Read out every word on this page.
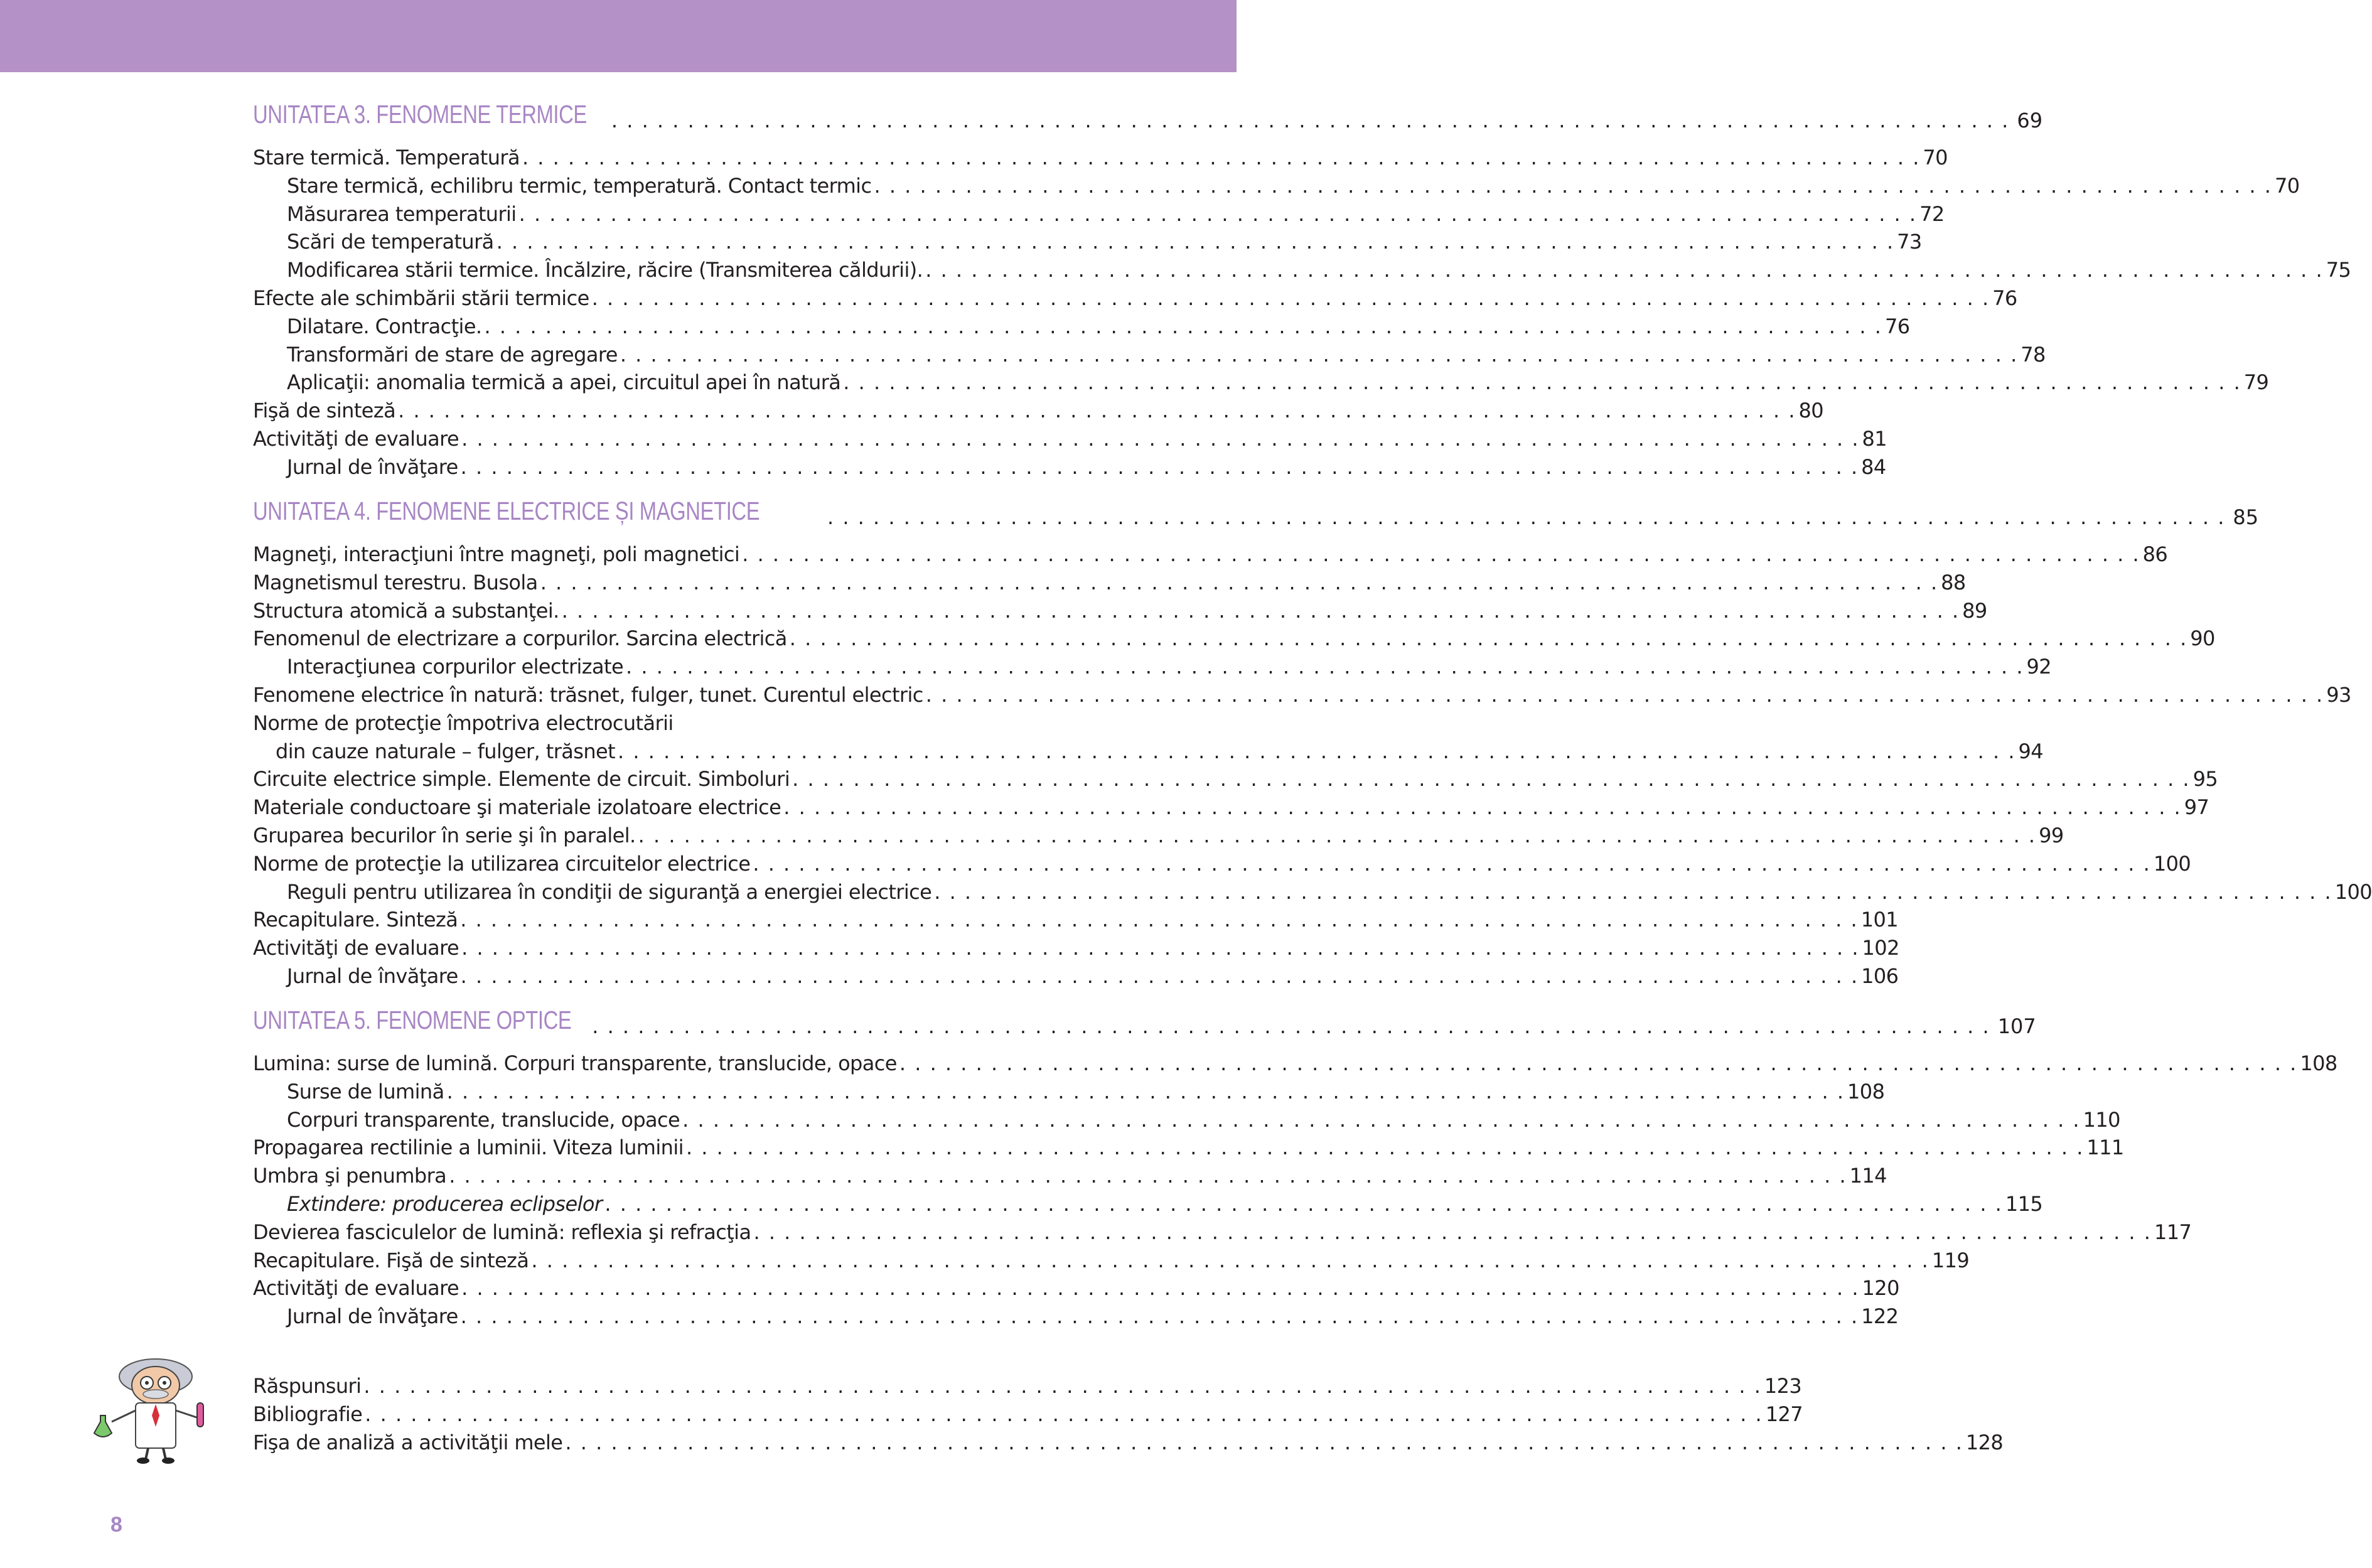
UNITATEA 3. FENOMENE TERMICE	. . . . . . . . . . . . . . . . . . . . . . . . . . . . . . . . . . . . . . . . . . . . . . . . . . . . . . . . . . . . . . . . . . . . . . . . . . . . . . . . . . . . . . . . . . . . 69
Stare termică. Temperatură . . . . . . . . . . . . . . . . . . . . . . . . . . . . . . . . . . . . . . . . . . . . . . . . . . . . . . . . . . . . . . . . . . . . . . . . . . . . . . . . . . . . . . . . . . . . 70
Stare termică, echilibru termic, temperatură. Contact termic . . . . . . . . . . . . . . . . . . . . . . . . . . . . . . . . . . . . . . . . . . . . . . . . . . . . . . . . . . . . . . . . . . . . . . . . . . . . . . . . . . . . . . . . . . . . 70
Măsurarea temperaturii . . . . . . . . . . . . . . . . . . . . . . . . . . . . . . . . . . . . . . . . . . . . . . . . . . . . . . . . . . . . . . . . . . . . . . . . . . . . . . . . . . . . . . . . . . . . 72
Scări de temperatură . . . . . . . . . . . . . . . . . . . . . . . . . . . . . . . . . . . . . . . . . . . . . . . . . . . . . . . . . . . . . . . . . . . . . . . . . . . . . . . . . . . . . . . . . . . . 73
Modificarea stării termice. Încălzire, răcire (Transmiterea căldurii). . . . . . . . . . . . . . . . . . . . . . . . . . . . . . . . . . . . . . . . . . . . . . . . . . . . . . . . . . . . . . . . . . . . . . . . . . . . . . . . . . . . . . . . . . . . . 75
Efecte ale schimbării stării termice . . . . . . . . . . . . . . . . . . . . . . . . . . . . . . . . . . . . . . . . . . . . . . . . . . . . . . . . . . . . . . . . . . . . . . . . . . . . . . . . . . . . . . . . . . . . 76
Dilatare. Contracţie. . . . . . . . . . . . . . . . . . . . . . . . . . . . . . . . . . . . . . . . . . . . . . . . . . . . . . . . . . . . . . . . . . . . . . . . . . . . . . . . . . . . . . . . . . . . . 76
Transformări de stare de agregare . . . . . . . . . . . . . . . . . . . . . . . . . . . . . . . . . . . . . . . . . . . . . . . . . . . . . . . . . . . . . . . . . . . . . . . . . . . . . . . . . . . . . . . . . . . . 78
Aplicaţii: anomalia termică a apei, circuitul apei în natură . . . . . . . . . . . . . . . . . . . . . . . . . . . . . . . . . . . . . . . . . . . . . . . . . . . . . . . . . . . . . . . . . . . . . . . . . . . . . . . . . . . . . . . . . . . . 79
Fişă de sinteză . . . . . . . . . . . . . . . . . . . . . . . . . . . . . . . . . . . . . . . . . . . . . . . . . . . . . . . . . . . . . . . . . . . . . . . . . . . . . . . . . . . . . . . . . . . . 80
Activităţi de evaluare . . . . . . . . . . . . . . . . . . . . . . . . . . . . . . . . . . . . . . . . . . . . . . . . . . . . . . . . . . . . . . . . . . . . . . . . . . . . . . . . . . . . . . . . . . . . 81
Jurnal de învăţare . . . . . . . . . . . . . . . . . . . . . . . . . . . . . . . . . . . . . . . . . . . . . . . . . . . . . . . . . . . . . . . . . . . . . . . . . . . . . . . . . . . . . . . . . . . . 84
UNITATEA 4. FENOMENE ELECTRICE ȘI MAGNETICE	. . . . . . . . . . . . . . . . . . . . . . . . . . . . . . . . . . . . . . . . . . . . . . . . . . . . . . . . . . . . . . . . . . . . . . . . . . . . . . . . . . . . . . . . . . . . 85
Magneţi, interacţiuni între magneţi, poli magnetici . . . . . . . . . . . . . . . . . . . . . . . . . . . . . . . . . . . . . . . . . . . . . . . . . . . . . . . . . . . . . . . . . . . . . . . . . . . . . . . . . . . . . . . . . . . . 86
Magnetismul terestru. Busola . . . . . . . . . . . . . . . . . . . . . . . . . . . . . . . . . . . . . . . . . . . . . . . . . . . . . . . . . . . . . . . . . . . . . . . . . . . . . . . . . . . . . . . . . . . . 88
Structura atomică a substanţei. . . . . . . . . . . . . . . . . . . . . . . . . . . . . . . . . . . . . . . . . . . . . . . . . . . . . . . . . . . . . . . . . . . . . . . . . . . . . . . . . . . . . . . . . . . . . 89
Fenomenul de electrizare a corpurilor. Sarcina electrică . . . . . . . . . . . . . . . . . . . . . . . . . . . . . . . . . . . . . . . . . . . . . . . . . . . . . . . . . . . . . . . . . . . . . . . . . . . . . . . . . . . . . . . . . . . . 90
Interacţiunea corpurilor electrizate . . . . . . . . . . . . . . . . . . . . . . . . . . . . . . . . . . . . . . . . . . . . . . . . . . . . . . . . . . . . . . . . . . . . . . . . . . . . . . . . . . . . . . . . . . . . 92
Fenomene electrice în natură: trăsnet, fulger, tunet. Curentul electric . . . . . . . . . . . . . . . . . . . . . . . . . . . . . . . . . . . . . . . . . . . . . . . . . . . . . . . . . . . . . . . . . . . . . . . . . . . . . . . . . . . . . . . . . . . . 93
Norme de protecţie împotriva electrocutării
din cauze naturale – fulger, trăsnet . . . . . . . . . . . . . . . . . . . . . . . . . . . . . . . . . . . . . . . . . . . . . . . . . . . . . . . . . . . . . . . . . . . . . . . . . . . . . . . . . . . . . . . . . . . . 94
Circuite electrice simple. Elemente de circuit. Simboluri . . . . . . . . . . . . . . . . . . . . . . . . . . . . . . . . . . . . . . . . . . . . . . . . . . . . . . . . . . . . . . . . . . . . . . . . . . . . . . . . . . . . . . . . . . . . 95
Materiale conductoare şi materiale izolatoare electrice . . . . . . . . . . . . . . . . . . . . . . . . . . . . . . . . . . . . . . . . . . . . . . . . . . . . . . . . . . . . . . . . . . . . . . . . . . . . . . . . . . . . . . . . . . . . 97
Gruparea becurilor în serie şi în paralel. . . . . . . . . . . . . . . . . . . . . . . . . . . . . . . . . . . . . . . . . . . . . . . . . . . . . . . . . . . . . . . . . . . . . . . . . . . . . . . . . . . . . . . . . . . . . 99
Norme de protecţie la utilizarea circuitelor electrice . . . . . . . . . . . . . . . . . . . . . . . . . . . . . . . . . . . . . . . . . . . . . . . . . . . . . . . . . . . . . . . . . . . . . . . . . . . . . . . . . . . . . . . . . . . . 100
Reguli pentru utilizarea în condiţii de siguranţă a energiei electrice . . . . . . . . . . . . . . . . . . . . . . . . . . . . . . . . . . . . . . . . . . . . . . . . . . . . . . . . . . . . . . . . . . . . . . . . . . . . . . . . . . . . . . . . . . . . 100
Recapitulare. Sinteză . . . . . . . . . . . . . . . . . . . . . . . . . . . . . . . . . . . . . . . . . . . . . . . . . . . . . . . . . . . . . . . . . . . . . . . . . . . . . . . . . . . . . . . . . . . . 101
Activităţi de evaluare . . . . . . . . . . . . . . . . . . . . . . . . . . . . . . . . . . . . . . . . . . . . . . . . . . . . . . . . . . . . . . . . . . . . . . . . . . . . . . . . . . . . . . . . . . . . 102
Jurnal de învăţare . . . . . . . . . . . . . . . . . . . . . . . . . . . . . . . . . . . . . . . . . . . . . . . . . . . . . . . . . . . . . . . . . . . . . . . . . . . . . . . . . . . . . . . . . . . . 106
UNITATEA 5. FENOMENE OPTICE	. . . . . . . . . . . . . . . . . . . . . . . . . . . . . . . . . . . . . . . . . . . . . . . . . . . . . . . . . . . . . . . . . . . . . . . . . . . . . . . . . . . . . . . . . . . . 107
Lumina: surse de lumină. Corpuri transparente, translucide, opace . . . . . . . . . . . . . . . . . . . . . . . . . . . . . . . . . . . . . . . . . . . . . . . . . . . . . . . . . . . . . . . . . . . . . . . . . . . . . . . . . . . . . . . . . . . . 108
Surse de lumină . . . . . . . . . . . . . . . . . . . . . . . . . . . . . . . . . . . . . . . . . . . . . . . . . . . . . . . . . . . . . . . . . . . . . . . . . . . . . . . . . . . . . . . . . . . . 108
Corpuri transparente, translucide, opace . . . . . . . . . . . . . . . . . . . . . . . . . . . . . . . . . . . . . . . . . . . . . . . . . . . . . . . . . . . . . . . . . . . . . . . . . . . . . . . . . . . . . . . . . . . . 110
Propagarea rectilinie a luminii. Viteza luminii . . . . . . . . . . . . . . . . . . . . . . . . . . . . . . . . . . . . . . . . . . . . . . . . . . . . . . . . . . . . . . . . . . . . . . . . . . . . . . . . . . . . . . . . . . . . 111
Umbra şi penumbra . . . . . . . . . . . . . . . . . . . . . . . . . . . . . . . . . . . . . . . . . . . . . . . . . . . . . . . . . . . . . . . . . . . . . . . . . . . . . . . . . . . . . . . . . . . . 114
Extindere: producerea eclipselor . . . . . . . . . . . . . . . . . . . . . . . . . . . . . . . . . . . . . . . . . . . . . . . . . . . . . . . . . . . . . . . . . . . . . . . . . . . . . . . . . . . . . . . . . . . . 115
Devierea fasciculelor de lumină: reflexia şi refracţia . . . . . . . . . . . . . . . . . . . . . . . . . . . . . . . . . . . . . . . . . . . . . . . . . . . . . . . . . . . . . . . . . . . . . . . . . . . . . . . . . . . . . . . . . . . . 117
Recapitulare. Fişă de sinteză . . . . . . . . . . . . . . . . . . . . . . . . . . . . . . . . . . . . . . . . . . . . . . . . . . . . . . . . . . . . . . . . . . . . . . . . . . . . . . . . . . . . . . . . . . . . 119
Activităţi de evaluare . . . . . . . . . . . . . . . . . . . . . . . . . . . . . . . . . . . . . . . . . . . . . . . . . . . . . . . . . . . . . . . . . . . . . . . . . . . . . . . . . . . . . . . . . . . . 120
Jurnal de învăţare . . . . . . . . . . . . . . . . . . . . . . . . . . . . . . . . . . . . . . . . . . . . . . . . . . . . . . . . . . . . . . . . . . . . . . . . . . . . . . . . . . . . . . . . . . . . 122
Răspunsuri . . . . . . . . . . . . . . . . . . . . . . . . . . . . . . . . . . . . . . . . . . . . . . . . . . . . . . . . . . . . . . . . . . . . . . . . . . . . . . . . . . . . . . . . . . . . 123
Bibliografie . . . . . . . . . . . . . . . . . . . . . . . . . . . . . . . . . . . . . . . . . . . . . . . . . . . . . . . . . . . . . . . . . . . . . . . . . . . . . . . . . . . . . . . . . . . . 127
Fişa de analiză a activităţii mele . . . . . . . . . . . . . . . . . . . . . . . . . . . . . . . . . . . . . . . . . . . . . . . . . . . . . . . . . . . . . . . . . . . . . . . . . . . . . . . . . . . . . . . . . . . . 128
8
